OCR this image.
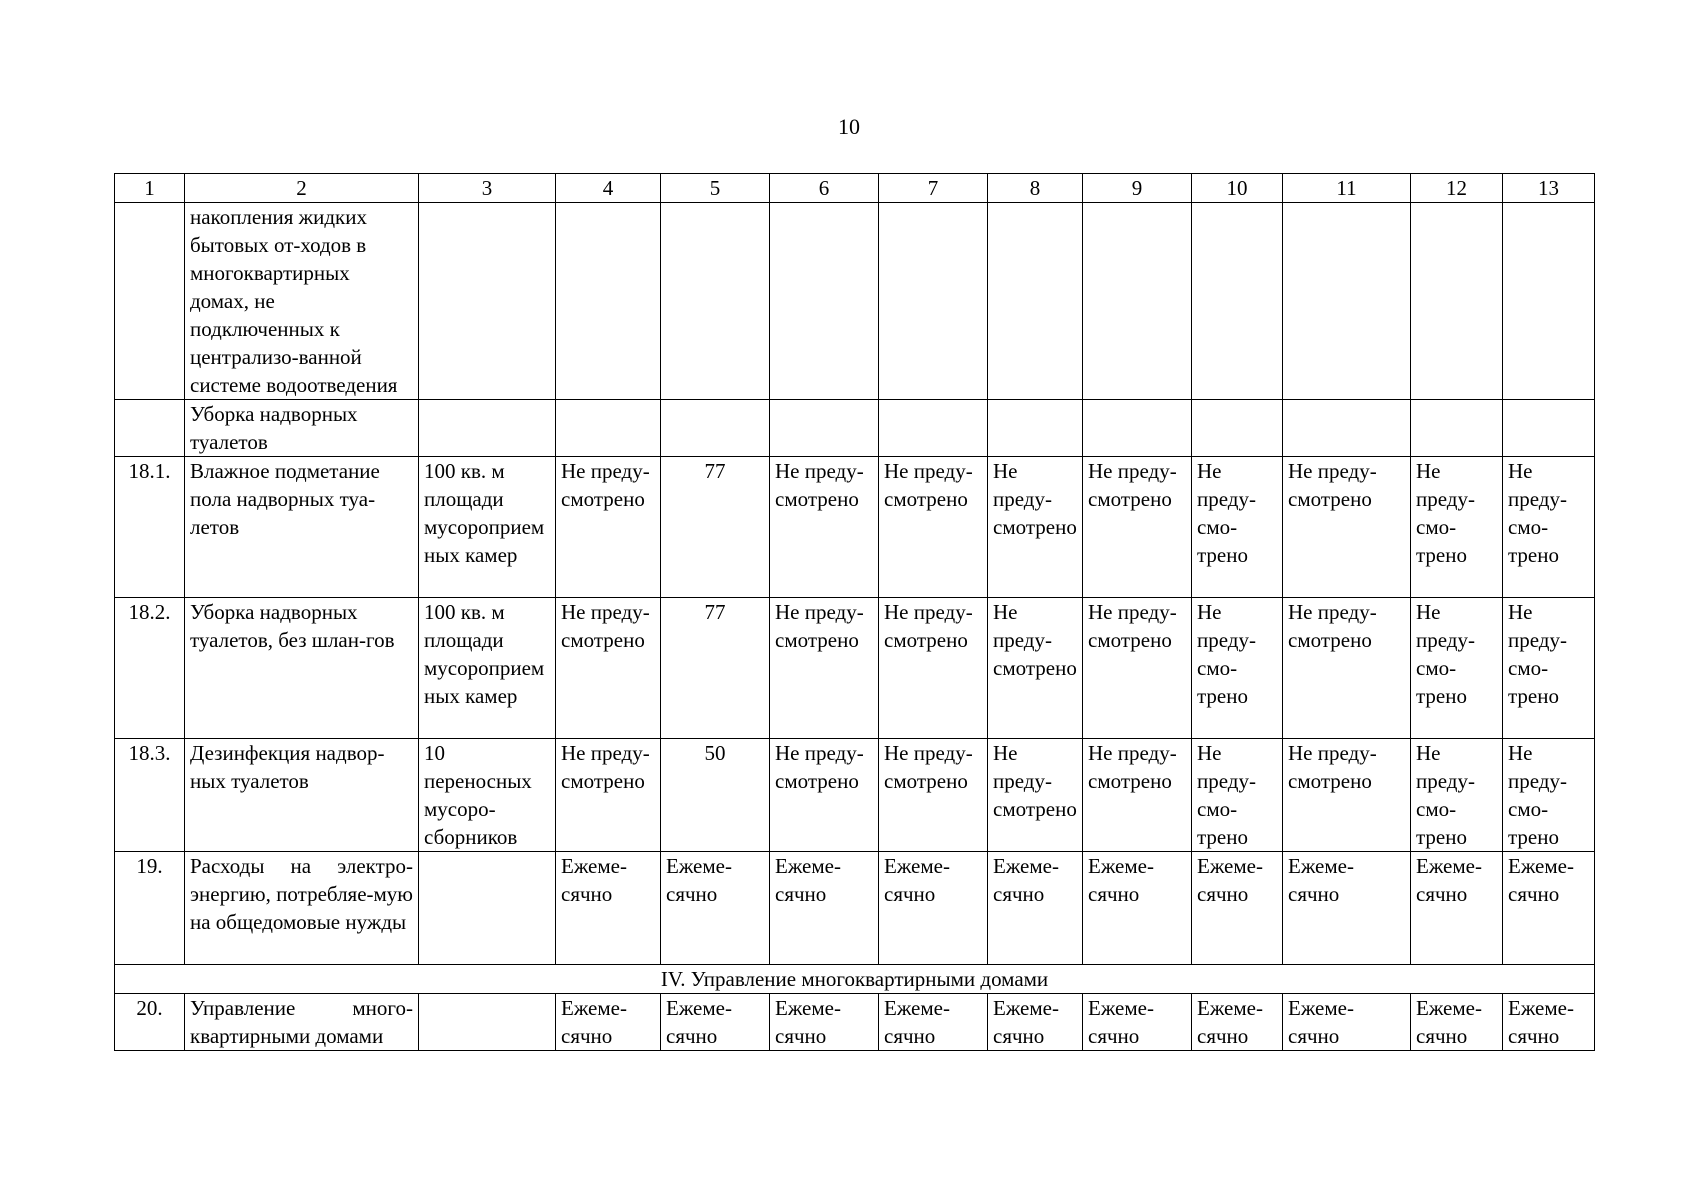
10
1	2	3	4	5	6	7	8	9	10	11	12	13
	накопления жидких бытовых от-ходов в многоквартирных домах, не подключенных к централизо-ванной системе водоотведения											
	Уборка надворных туалетов											
18.1.	Влажное подметание пола надворных туа-летов	100 кв. м площади мусороприемных камер	Не преду-смотрено	77	Не преду-смотрено	Не преду-смотрено	Не преду-смотрено	Не преду-смотрено	Не преду-смо-трено	Не преду-смотрено	Не преду-смо-трено	Не преду-смо-трено
18.2.	Уборка надворных туалетов, без шлан-гов	100 кв. м площади мусороприемных камер	Не преду-смотрено	77	Не преду-смотрено	Не преду-смотрено	Не преду-смотрено	Не преду-смотрено	Не преду-смо-трено	Не преду-смотрено	Не преду-смо-трено	Не преду-смо-трено
18.3.	Дезинфекция надвор-ных туалетов	10 переносных мусоро-сборников	Не преду-смотрено	50	Не преду-смотрено	Не преду-смотрено	Не преду-смотрено	Не преду-смотрено	Не преду-смо-трено	Не преду-смотрено	Не преду-смо-трено	Не преду-смо-трено
19.	Расходы на электро-энергию, потребляе-мую на общедомовые нужды		Ежеме-сячно	Ежеме-сячно	Ежеме-сячно	Ежеме-сячно	Ежеме-сячно	Ежеме-сячно	Ежеме-сячно	Ежеме-сячно	Ежеме-сячно	Ежеме-сячно
IV. Управление многоквартирными домами												
20.	Управление много-квартирными домами		Ежеме-сячно	Ежеме-сячно	Ежеме-сячно	Ежеме-сячно	Ежеме-сячно	Ежеме-сячно	Ежеме-сячно	Ежеме-сячно	Ежеме-сячно	Ежеме-сячно
